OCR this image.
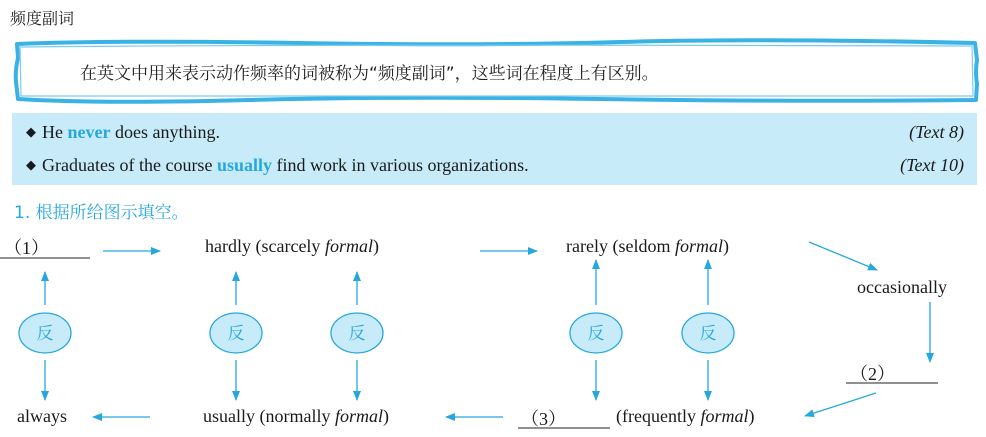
频度副词
在英文中用来表示动作频率的词被称为“频度副词”，这些词在程度上有区别。
◆ He never does anything.	(Text 8)
◆ Graduates of the course usually find work in various organizations.	(Text 10)
1. 根据所给图示填空。
（1）	hardly (scarcely formal)	rarely (seldom formal)
occasionally
（2）
（3）	(frequently formal)
usually (normally formal)
always
反	反	反	反	反
